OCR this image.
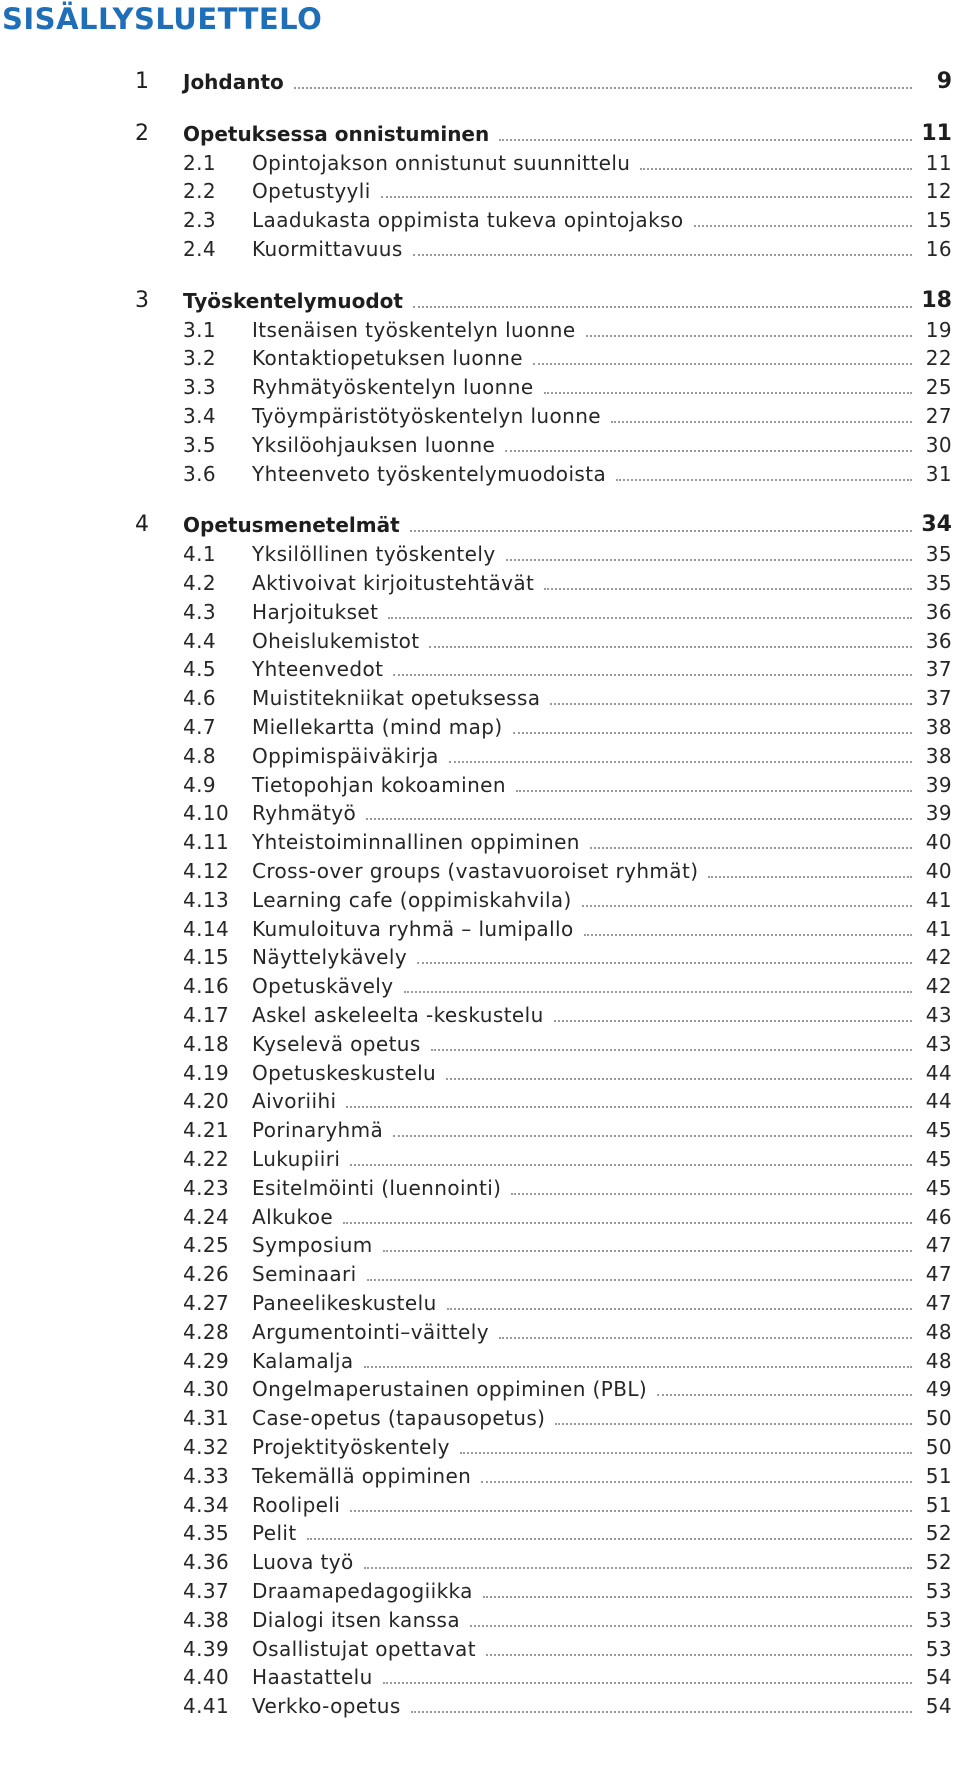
SISÄLLYSLUETTELO
1 Johdanto	9
2 Opetuksessa onnistuminen	11
2.1 Opintojakson onnistunut suunnittelu	11
2.2 Opetustyyli	12
2.3 Laadukasta oppimista tukeva opintojakso	15
2.4 Kuormittavuus	16
3 Työskentelymuodot	18
3.1 Itsenäisen työskentelyn luonne	19
3.2 Kontaktiopetuksen luonne	22
3.3 Ryhmätyöskentelyn luonne	25
3.4 Työympäristötyöskentelyn luonne	27
3.5 Yksilöohjauksen luonne	30
3.6 Yhteenveto työskentelymuodoista	31
4 Opetusmenetelmät	34
4.1 Yksilöllinen työskentely	35
4.2 Aktivoivat kirjoitustehtävät	35
4.3 Harjoitukset	36
4.4 Oheislukemistot	36
4.5 Yhteenvedot	37
4.6 Muistitekniikat opetuksessa	37
4.7 Miellekartta (mind map)	38
4.8 Oppimispäiväkirja	38
4.9 Tietopohjan kokoaminen	39
4.10 Ryhmätyö	39
4.11 Yhteistoiminnallinen oppiminen	40
4.12 Cross-over groups (vastavuoroiset ryhmät)	40
4.13 Learning cafe (oppimiskahvila)	41
4.14 Kumuloituva ryhmä – lumipallo	41
4.15 Näyttelykävely	42
4.16 Opetuskävely	42
4.17 Askel askeleelta -keskustelu	43
4.18 Kyselevä opetus	43
4.19 Opetuskeskustelu	44
4.20 Aivoriihi	44
4.21 Porinaryhmä	45
4.22 Lukupiiri	45
4.23 Esitelmöinti (luennointi)	45
4.24 Alkukoe	46
4.25 Symposium	47
4.26 Seminaari	47
4.27 Paneelikeskustelu	47
4.28 Argumentointi–väittely	48
4.29 Kalamalja	48
4.30 Ongelmaperustainen oppiminen (PBL)	49
4.31 Case-opetus (tapausopetus)	50
4.32 Projektityöskentely	50
4.33 Tekemällä oppiminen	51
4.34 Roolipeli	51
4.35 Pelit	52
4.36 Luova työ	52
4.37 Draamapedagogiikka	53
4.38 Dialogi itsen kanssa	53
4.39 Osallistujat opettavat	53
4.40 Haastattelu	54
4.41 Verkko-opetus	54
